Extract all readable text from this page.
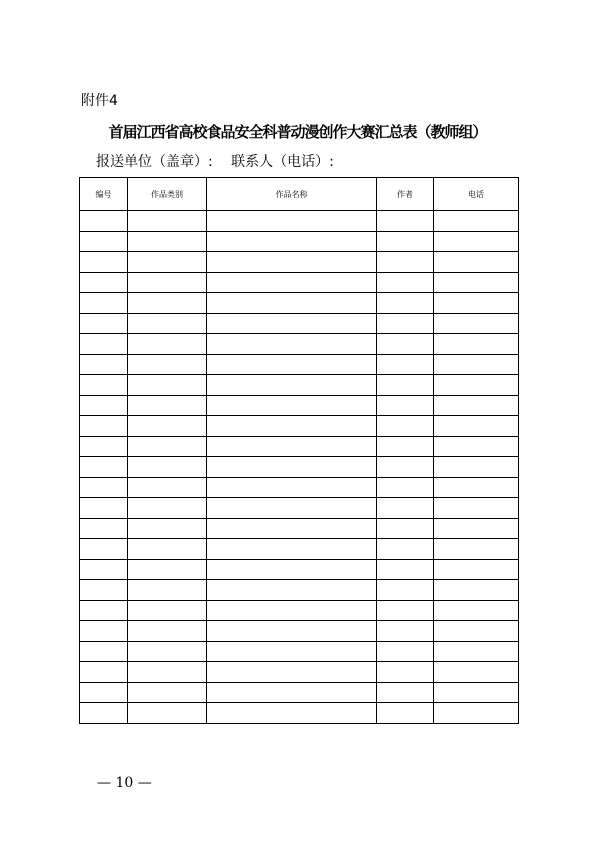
附件4
首届江西省高校食品安全科普动漫创作大赛汇总表（教师组）
报送单位（盖章）: 联系人（电话）:
编号	作品类别	作品名称	作者	电话

— 10 —
